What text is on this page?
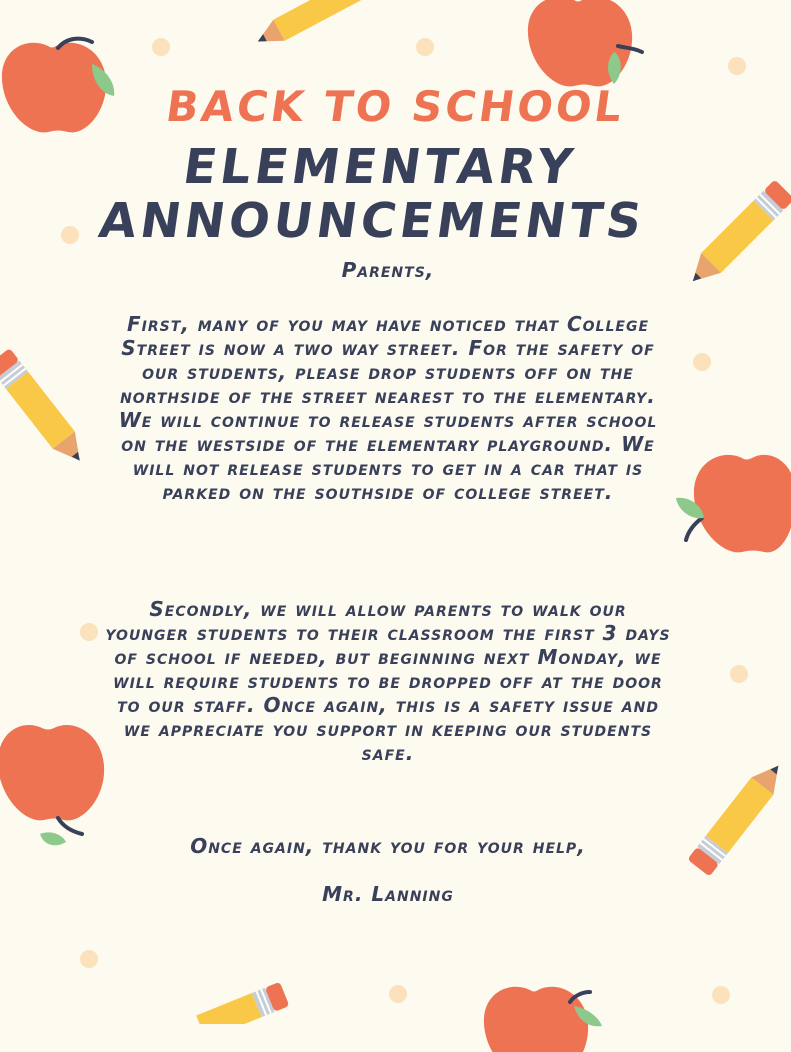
BACK TO SCHOOL
ELEMENTARY
ANNOUNCEMENTS
Parents,
First, many of you may have noticed that College Street is now a two way street. For the safety of our students, please drop students off on the northside of the street nearest to the elementary. We will continue to release students after school on the westside of the elementary playground. We will not release students to get in a car that is parked on the southside of college street.
Secondly, we will allow parents to walk our younger students to their classroom the first 3 days of school if needed, but beginning next Monday, we will require students to be dropped off at the door to our staff. Once again, this is a safety issue and we appreciate you support in keeping our students safe.
Once again, thank you for your help,
Mr. Lanning
